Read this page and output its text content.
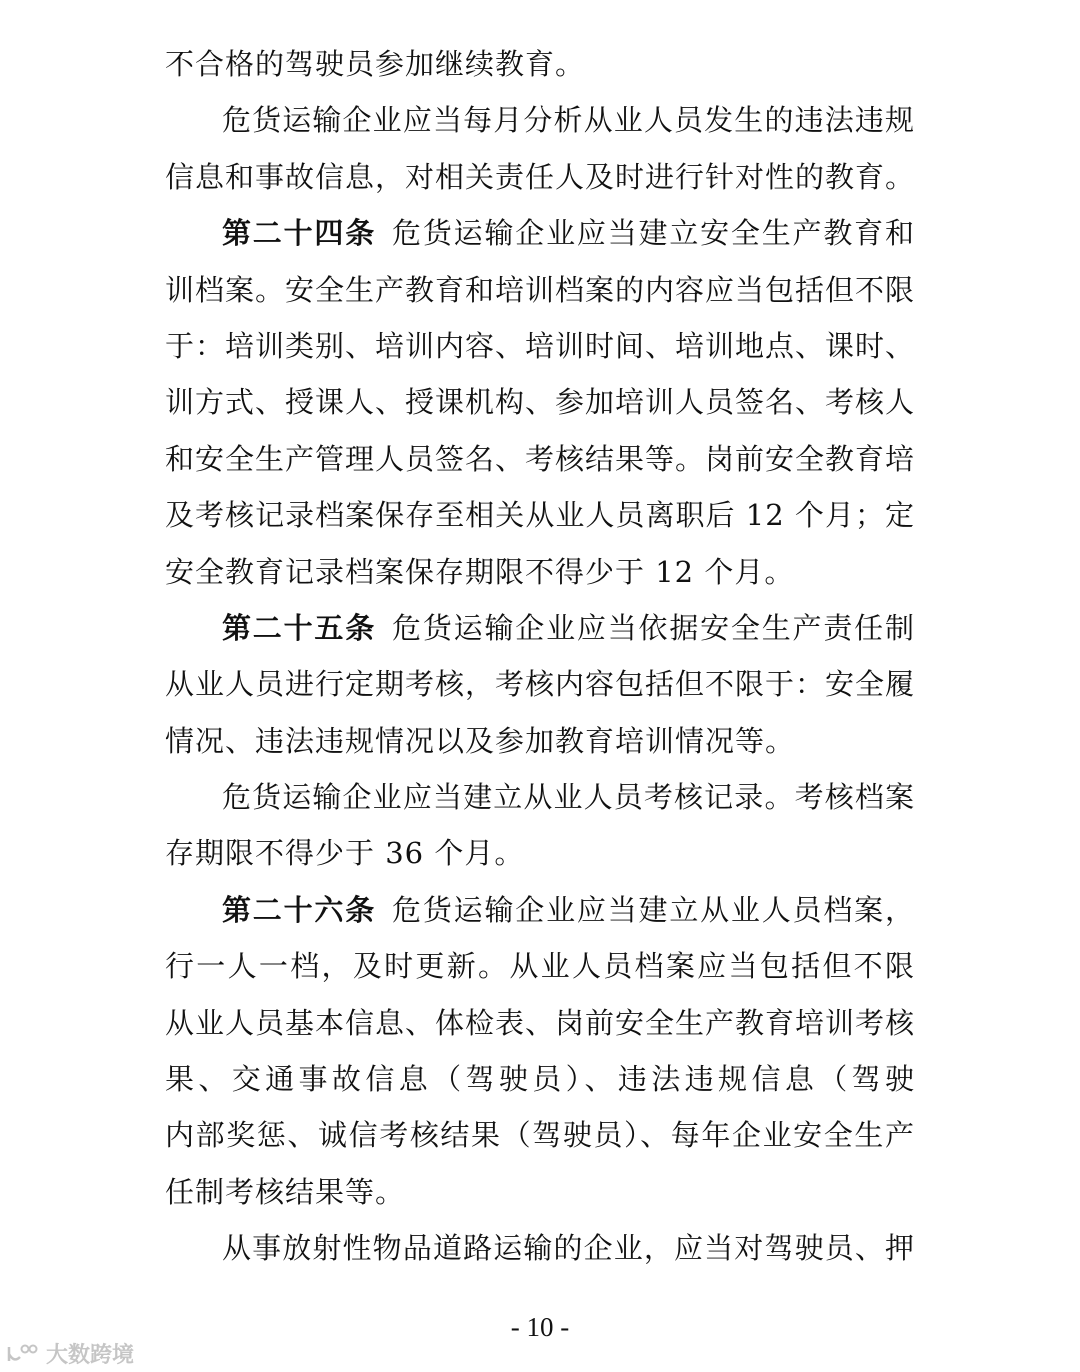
不合格的驾驶员参加继续教育。
危货运输企业应当每月分析从业人员发生的违法违规
信息和事故信息，对相关责任人及时进行针对性的教育。
第二十四条 危货运输企业应当建立安全生产教育和
训档案。安全生产教育和培训档案的内容应当包括但不限
于：培训类别、培训内容、培训时间、培训地点、课时、
训方式、授课人、授课机构、参加培训人员签名、考核人
和安全生产管理人员签名、考核结果等。岗前安全教育培
及考核记录档案保存至相关从业人员离职后 12 个月；定
安全教育记录档案保存期限不得少于 12 个月。
第二十五条 危货运输企业应当依据安全生产责任制
从业人员进行定期考核，考核内容包括但不限于：安全履
情况、违法违规情况以及参加教育培训情况等。
危货运输企业应当建立从业人员考核记录。考核档案
存期限不得少于 36 个月。
第二十六条 危货运输企业应当建立从业人员档案，
行一人一档，及时更新。从业人员档案应当包括但不限
从业人员基本信息、体检表、岗前安全生产教育培训考核
果、交通事故信息（驾驶员）、违法违规信息（驾驶
内部奖惩、诚信考核结果（驾驶员）、每年企业安全生产
任制考核结果等。
从事放射性物品道路运输的企业，应当对驾驶员、押
- 10 -
大数跨境
